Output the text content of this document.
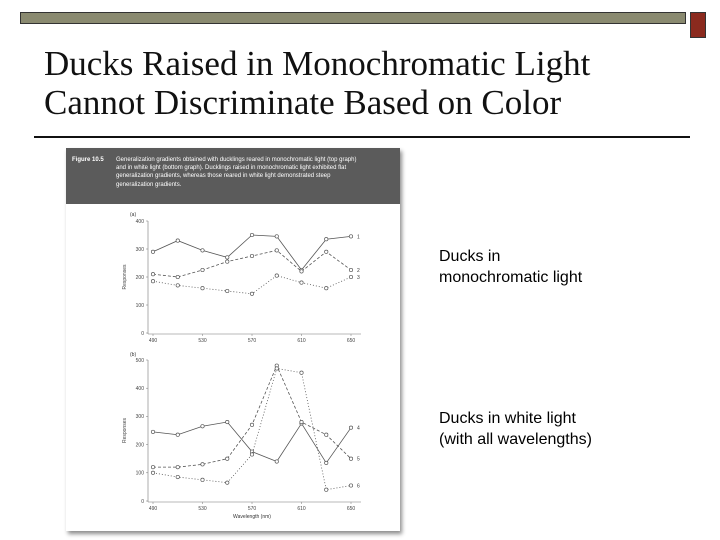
Ducks Raised in Monochromatic Light
Cannot Discriminate Based on Color
Figure 10.5 Generalization gradients obtained with ducklings reared in monochromatic light (top graph)
and in white light (bottom graph). Ducklings raised in monochromatic light exhibited flat
generalization gradients, whereas those reared in white light demonstrated steep
generalization gradients.
(a)
0
100
200
300
400
490	530	570	610	650
Responses
1
2
3
(b)
0
100
200
300
400
500
490	530	570	610	650
Responses
Wavelength (nm)
4
5
6
Ducks in
monochromatic light
Ducks in white light
(with all wavelengths)
